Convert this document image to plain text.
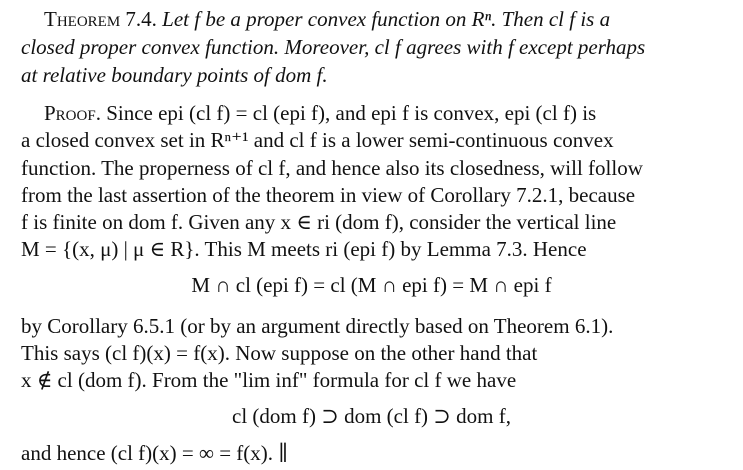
Theorem 7.4. Let f be a proper convex function on Rⁿ. Then cl f is a
closed proper convex function. Moreover, cl f agrees with f except perhaps
at relative boundary points of dom f.
Proof. Since epi (cl f) = cl (epi f), and epi f is convex, epi (cl f) is
a closed convex set in Rⁿ⁺¹ and cl f is a lower semi-continuous convex
function. The properness of cl f, and hence also its closedness, will follow
from the last assertion of the theorem in view of Corollary 7.2.1, because
f is finite on dom f. Given any x ∈ ri (dom f), consider the vertical line
M = {(x, μ) | μ ∈ R}. This M meets ri (epi f) by Lemma 7.3. Hence
M ∩ cl (epi f) = cl (M ∩ epi f) = M ∩ epi f
by Corollary 6.5.1 (or by an argument directly based on Theorem 6.1).
This says (cl f)(x) = f(x). Now suppose on the other hand that
x ∉ cl (dom f). From the "lim inf" formula for cl f we have
cl (dom f) ⊃ dom (cl f) ⊃ dom f,
and hence (cl f)(x) = ∞ = f(x). ∥
